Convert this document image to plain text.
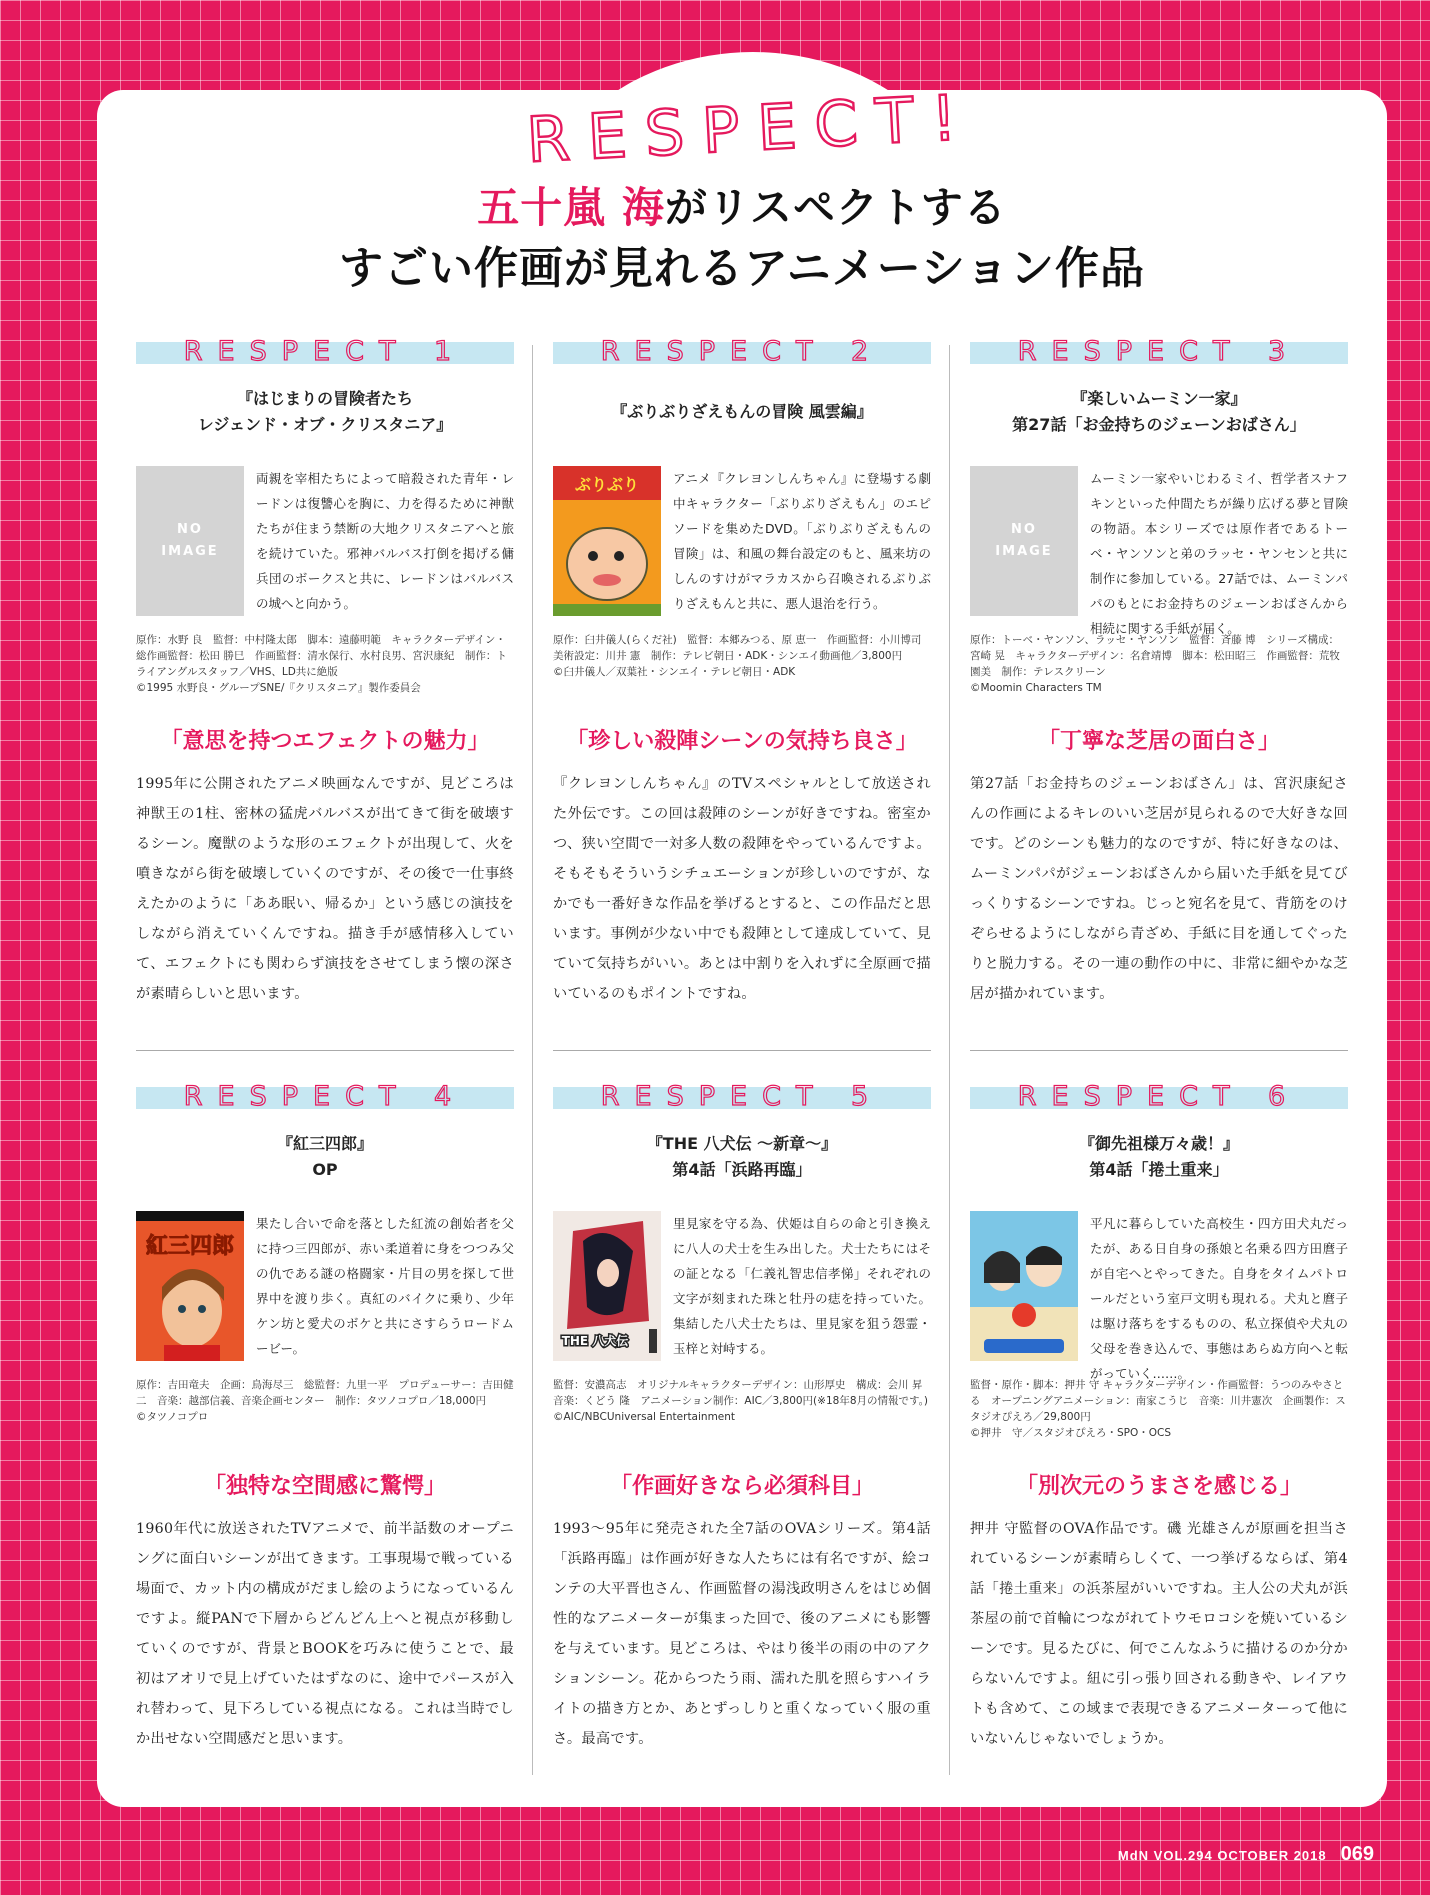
RESPECT!
五十嵐 海がリスペクトする
すごい作画が見れるアニメーション作品
RESPECT 1
『はじまりの冒険者たち
レジェンド・オブ・クリスタニア』
NO
IMAGE
両親を宰相たちによって暗殺された青年・レードンは復讐心を胸に、力を得るために神獣たちが住まう禁断の大地クリスタニアへと旅を続けていた。邪神バルバス打倒を掲げる傭兵団のボークスと共に、レードンはバルバスの城へと向かう。
原作：水野 良　監督：中村隆太郎　脚本：遠藤明範　キャラクターデザイン・総作画監督：松田 勝巳　作画監督：清水保行、水村良男、宮沢康紀　制作：トライアングルスタッフ／VHS、LD共に絶版
©1995 水野良・グループSNE/『クリスタニア』製作委員会
「意思を持つエフェクトの魅力」
1995年に公開されたアニメ映画なんですが、見どころは神獣王の1柱、密林の猛虎バルバスが出てきて街を破壊するシーン。魔獣のような形のエフェクトが出現して、火を噴きながら街を破壊していくのですが、その後で一仕事終えたかのように「ああ眠い、帰るか」という感じの演技をしながら消えていくんですね。描き手が感情移入していて、エフェクトにも関わらず演技をさせてしまう懐の深さが素晴らしいと思います。
RESPECT 2
『ぶりぶりざえもんの冒険 風雲編』
ぶりぶり	アニメ『クレヨンしんちゃん』に登場する劇中キャラクター「ぶりぶりざえもん」のエピソードを集めたDVD。「ぶりぶりざえもんの冒険」は、和風の舞台設定のもと、風来坊のしんのすけがマラカスから召喚されるぶりぶりざえもんと共に、悪人退治を行う。
原作：臼井儀人(らくだ社)　監督：本郷みつる、原 恵一　作画監督：小川博司　美術設定：川井 憲　制作：テレビ朝日・ADK・シンエイ動画他／3,800円
©臼井儀人／双葉社・シンエイ・テレビ朝日・ADK
「珍しい殺陣シーンの気持ち良さ」
『クレヨンしんちゃん』のTVスペシャルとして放送された外伝です。この回は殺陣のシーンが好きですね。密室かつ、狭い空間で一対多人数の殺陣をやっているんですよ。そもそもそういうシチュエーションが珍しいのですが、なかでも一番好きな作品を挙げるとすると、この作品だと思います。事例が少ない中でも殺陣として達成していて、見ていて気持ちがいい。あとは中割りを入れずに全原画で描いているのもポイントですね。
RESPECT 3
『楽しいムーミン一家』
第27話「お金持ちのジェーンおばさん」
NO
IMAGE
ムーミン一家やいじわるミイ、哲学者スナフキンといった仲間たちが繰り広げる夢と冒険の物語。本シリーズでは原作者であるトーベ・ヤンソンと弟のラッセ・ヤンセンと共に制作に参加している。27話では、ムーミンパパのもとにお金持ちのジェーンおばさんから相続に関する手紙が届く。
原作：トーベ・ヤンソン、ラッセ・ヤンソン　監督：斉藤 博　シリーズ構成：宮崎 晃　キャラクターデザイン：名倉靖博　脚本：松田昭三　作画監督：荒牧園美　制作：テレスクリーン
©Moomin Characters TM
「丁寧な芝居の面白さ」
第27話「お金持ちのジェーンおばさん」は、宮沢康紀さんの作画によるキレのいい芝居が見られるので大好きな回です。どのシーンも魅力的なのですが、特に好きなのは、ムーミンパパがジェーンおばさんから届いた手紙を見てびっくりするシーンですね。じっと宛名を見て、背筋をのけぞらせるようにしながら青ざめ、手紙に目を通してぐったりと脱力する。その一連の動作の中に、非常に細やかな芝居が描かれています。
RESPECT 4
『紅三四郎』
OP
紅三四郎
果たし合いで命を落とした紅流の創始者を父に持つ三四郎が、赤い柔道着に身をつつみ父の仇である謎の格闘家・片目の男を探して世界中を渡り歩く。真紅のバイクに乗り、少年ケン坊と愛犬のボケと共にさすらうロードムービー。
原作：吉田竜夫　企画：鳥海尽三　総監督：九里一平　プロデューサー：吉田健二　音楽：越部信義、音楽企画センター　制作：タツノコプロ／18,000円
©タツノコプロ
「独特な空間感に驚愕」
1960年代に放送されたTVアニメで、前半話数のオープニングに面白いシーンが出てきます。工事現場で戦っている場面で、カット内の構成がだまし絵のようになっているんですよ。縦PANで下層からどんどん上へと視点が移動していくのですが、背景とBOOKを巧みに使うことで、最初はアオリで見上げていたはずなのに、途中でパースが入れ替わって、見下ろしている視点になる。これは当時でしか出せない空間感だと思います。
RESPECT 5
『THE 八犬伝 ～新章～』
第4話「浜路再臨」
THE 八犬伝
里見家を守る為、伏姫は自らの命と引き換えに八人の犬士を生み出した。犬士たちにはその証となる「仁義礼智忠信孝悌」それぞれの文字が刻まれた珠と牡丹の痣を持っていた。集結した八犬士たちは、里見家を狙う怨霊・玉梓と対峙する。
監督：安濃高志　オリジナルキャラクターデザイン：山形厚史　構成：会川 昇　音楽：くどう 隆　アニメーション制作：AIC／3,800円(※18年8月の情報です。)
©AIC/NBCUniversal Entertainment
「作画好きなら必須科目」
1993～95年に発売された全7話のOVAシリーズ。第4話「浜路再臨」は作画が好きな人たちには有名ですが、絵コンテの大平晋也さん、作画監督の湯浅政明さんをはじめ個性的なアニメーターが集まった回で、後のアニメにも影響を与えています。見どころは、やはり後半の雨の中のアクションシーン。花からつたう雨、濡れた肌を照らすハイライトの描き方とか、あとずっしりと重くなっていく服の重さ。最高です。
RESPECT 6
『御先祖様万々歳！』
第4話「捲土重来」
平凡に暮らしていた高校生・四方田犬丸だったが、ある日自身の孫娘と名乗る四方田麿子が自宅へとやってきた。自身をタイムパトロールだという室戸文明も現れる。犬丸と麿子は駆け落ちをするものの、私立探偵や犬丸の父母を巻き込んで、事態はあらぬ方向へと転がっていく……。
監督・原作・脚本：押井 守 キャラクターデザイン・作画監督：うつのみやさとる　オープニングアニメーション：南家こうじ　音楽：川井憲次　企画製作：スタジオぴえろ／29,800円
©押井　守／スタジオぴえろ・SPO・OCS
「別次元のうまさを感じる」
押井 守監督のOVA作品です。磯 光雄さんが原画を担当されているシーンが素晴らしくて、一つ挙げるならば、第4話「捲土重来」の浜茶屋がいいですね。主人公の犬丸が浜茶屋の前で首輪につながれてトウモロコシを焼いているシーンです。見るたびに、何でこんなふうに描けるのか分からないんですよ。紐に引っ張り回される動きや、レイアウトも含めて、この域まで表現できるアニメーターって他にいないんじゃないでしょうか。
MdN VOL.294 OCTOBER 2018 069
